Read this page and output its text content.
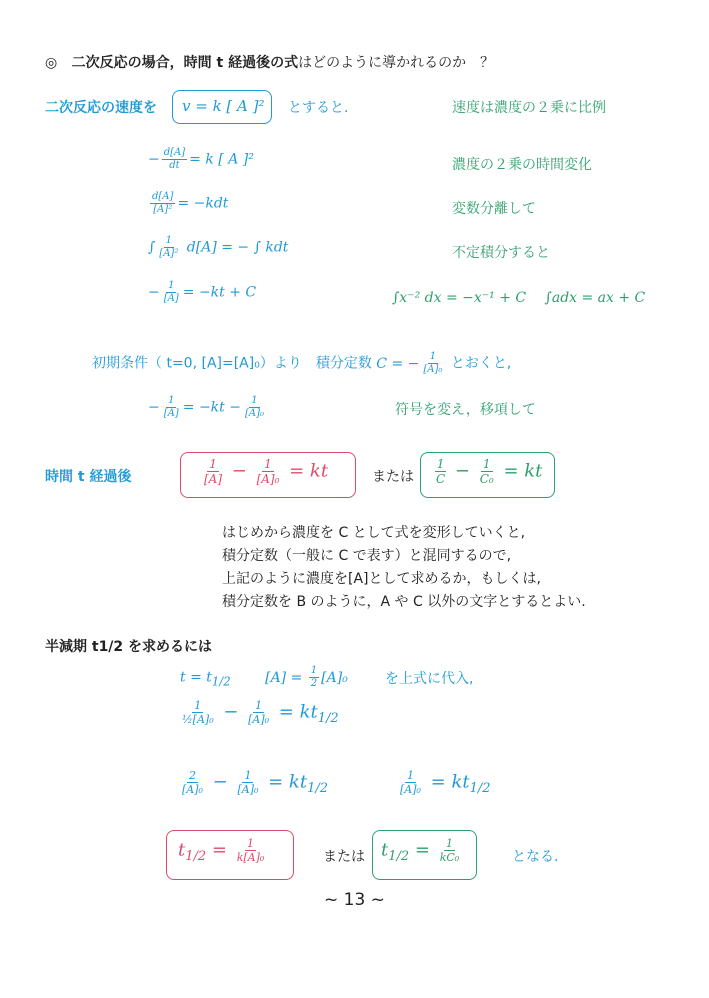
◎ 二次反応の場合，時間 t 経過後の式はどのように導かれるのか　？
二次反応の速度を v = k [ A ]² とすると.	速度は濃度の２乗に比例
− $\frac{d[A]}{dt} = k$ [ A ]²	濃度の２乗の時間変化
$\frac{d[A]}{\text{[A]²}} = -kdt$	変数分離して
∫ $\frac{1}{\text{[A]²}} d[A]$ = − ∫ kdt	不定積分すると
− $\frac{1}{[A]} = -kt + C$	∫x⁻² dx = −x⁻¹ + C　 ∫adx = ax + C
初期条件（ t=0, [A]=[A]₀）より　積分定数 C = − $\frac{1}{\text{[A]₀}}$ とおくと,
− $\frac{1}{[A]} = -kt - \frac{1}{\text{[A]₀}}$	符号を変え，移項して
時間 t 経過後	$\frac{1}{[A]} - \frac{1}{\text{[A]₀}}$ = kt	または $\frac{1}{C} - \frac{1}{\text{C₀}}$ = kt
はじめから濃度を C として式を変形していくと,
積分定数（一般に C で表す）と混同するので,
上記のように濃度を[A]として求めるか，もしくは,
積分定数を B のように，A や C 以外の文字とするとよい.
半減期 t1/2 を求めるには
$t = t_{1/2}$ $[A] = \frac{1}{2} [A]_0$	を上式に代入,
$\frac{1}{\text{½[A]₀}} - \frac{1}{\text{[A]₀}} = kt_{1/2}$
$\frac{2}{\text{[A]₀}} - \frac{1}{\text{[A]₀}} = kt_{1/2}$	$\frac{1}{\text{[A]₀}} = kt_{1/2}$
$t_{1/2} = \frac{1}{\text{k[A]₀}}$	または $t_{1/2} = \frac{1}{\text{kC₀}}$	となる.
~ 13 ~
